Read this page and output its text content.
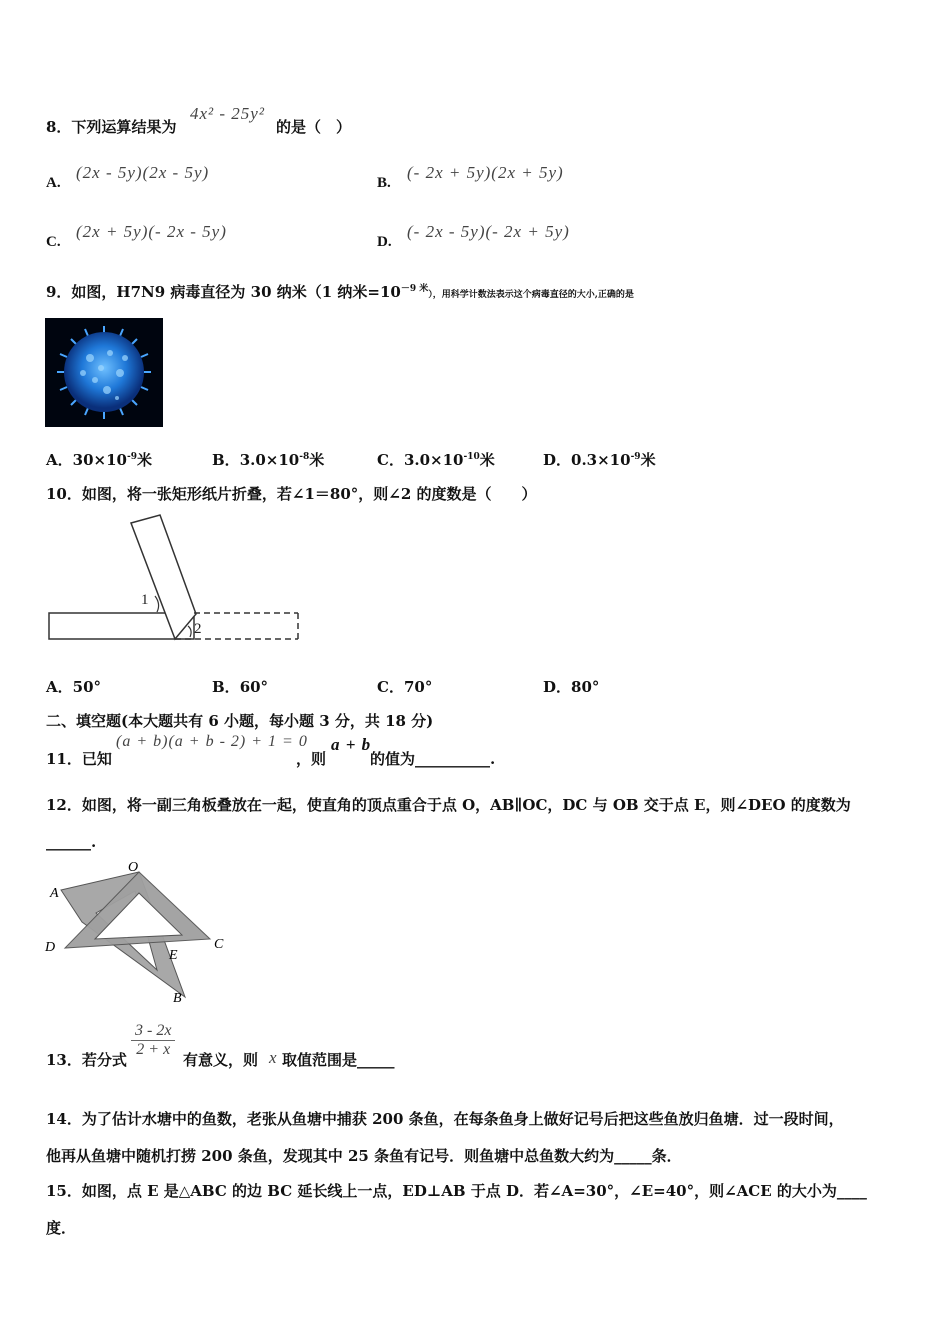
8．下列运算结果为
4x² - 25y²
的是（　）
A.
(2x - 5y)(2x - 5y)
B.
(- 2x + 5y)(2x + 5y)
C.
(2x + 5y)(- 2x - 5y)
D.
(- 2x - 5y)(- 2x + 5y)
9．如图，H7N9 病毒直径为 30 纳米（1 纳米$=10^{-9 米}$），用科学计数法表示这个病毒直径的大小,正确的是
A．$30\times 10^{-9}$米	B．$3.0\times 10^{-8}$米	C．$3.0\times 10^{-10}$米	D．$0.3\times 10^{-9}$米
10．如图，将一张矩形纸片折叠，若∠1＝80°，则∠2 的度数是（　　）
1
2
A．50°	B．60°	C．70°	D．80°
二、填空题(本大题共有 6 小题，每小题 3 分，共 18 分)
11．已知
(a + b)(a + b - 2) + 1 = 0
，则
a + b
的值为__________.
12．如图，将一副三角板叠放在一起，使直角的顶点重合于点 O，AB∥OC，DC 与 OB 交于点 E，则∠DEO 的度数为
______.
O
A
D	C
E
B
13．若分式
$\frac{3 - 2x}{2 + x}$
有意义，则 x 取值范围是_____
14．为了估计水塘中的鱼数，老张从鱼塘中捕获 200 条鱼，在每条鱼身上做好记号后把这些鱼放归鱼塘．过一段时间，
他再从鱼塘中随机打捞 200 条鱼，发现其中 25 条鱼有记号．则鱼塘中总鱼数大约为_____条．
15．如图，点 E 是△ABC 的边 BC 延长线上一点，ED⊥AB 于点 D．若∠A=30°，∠E=40°，则∠ACE 的大小为____
度．
